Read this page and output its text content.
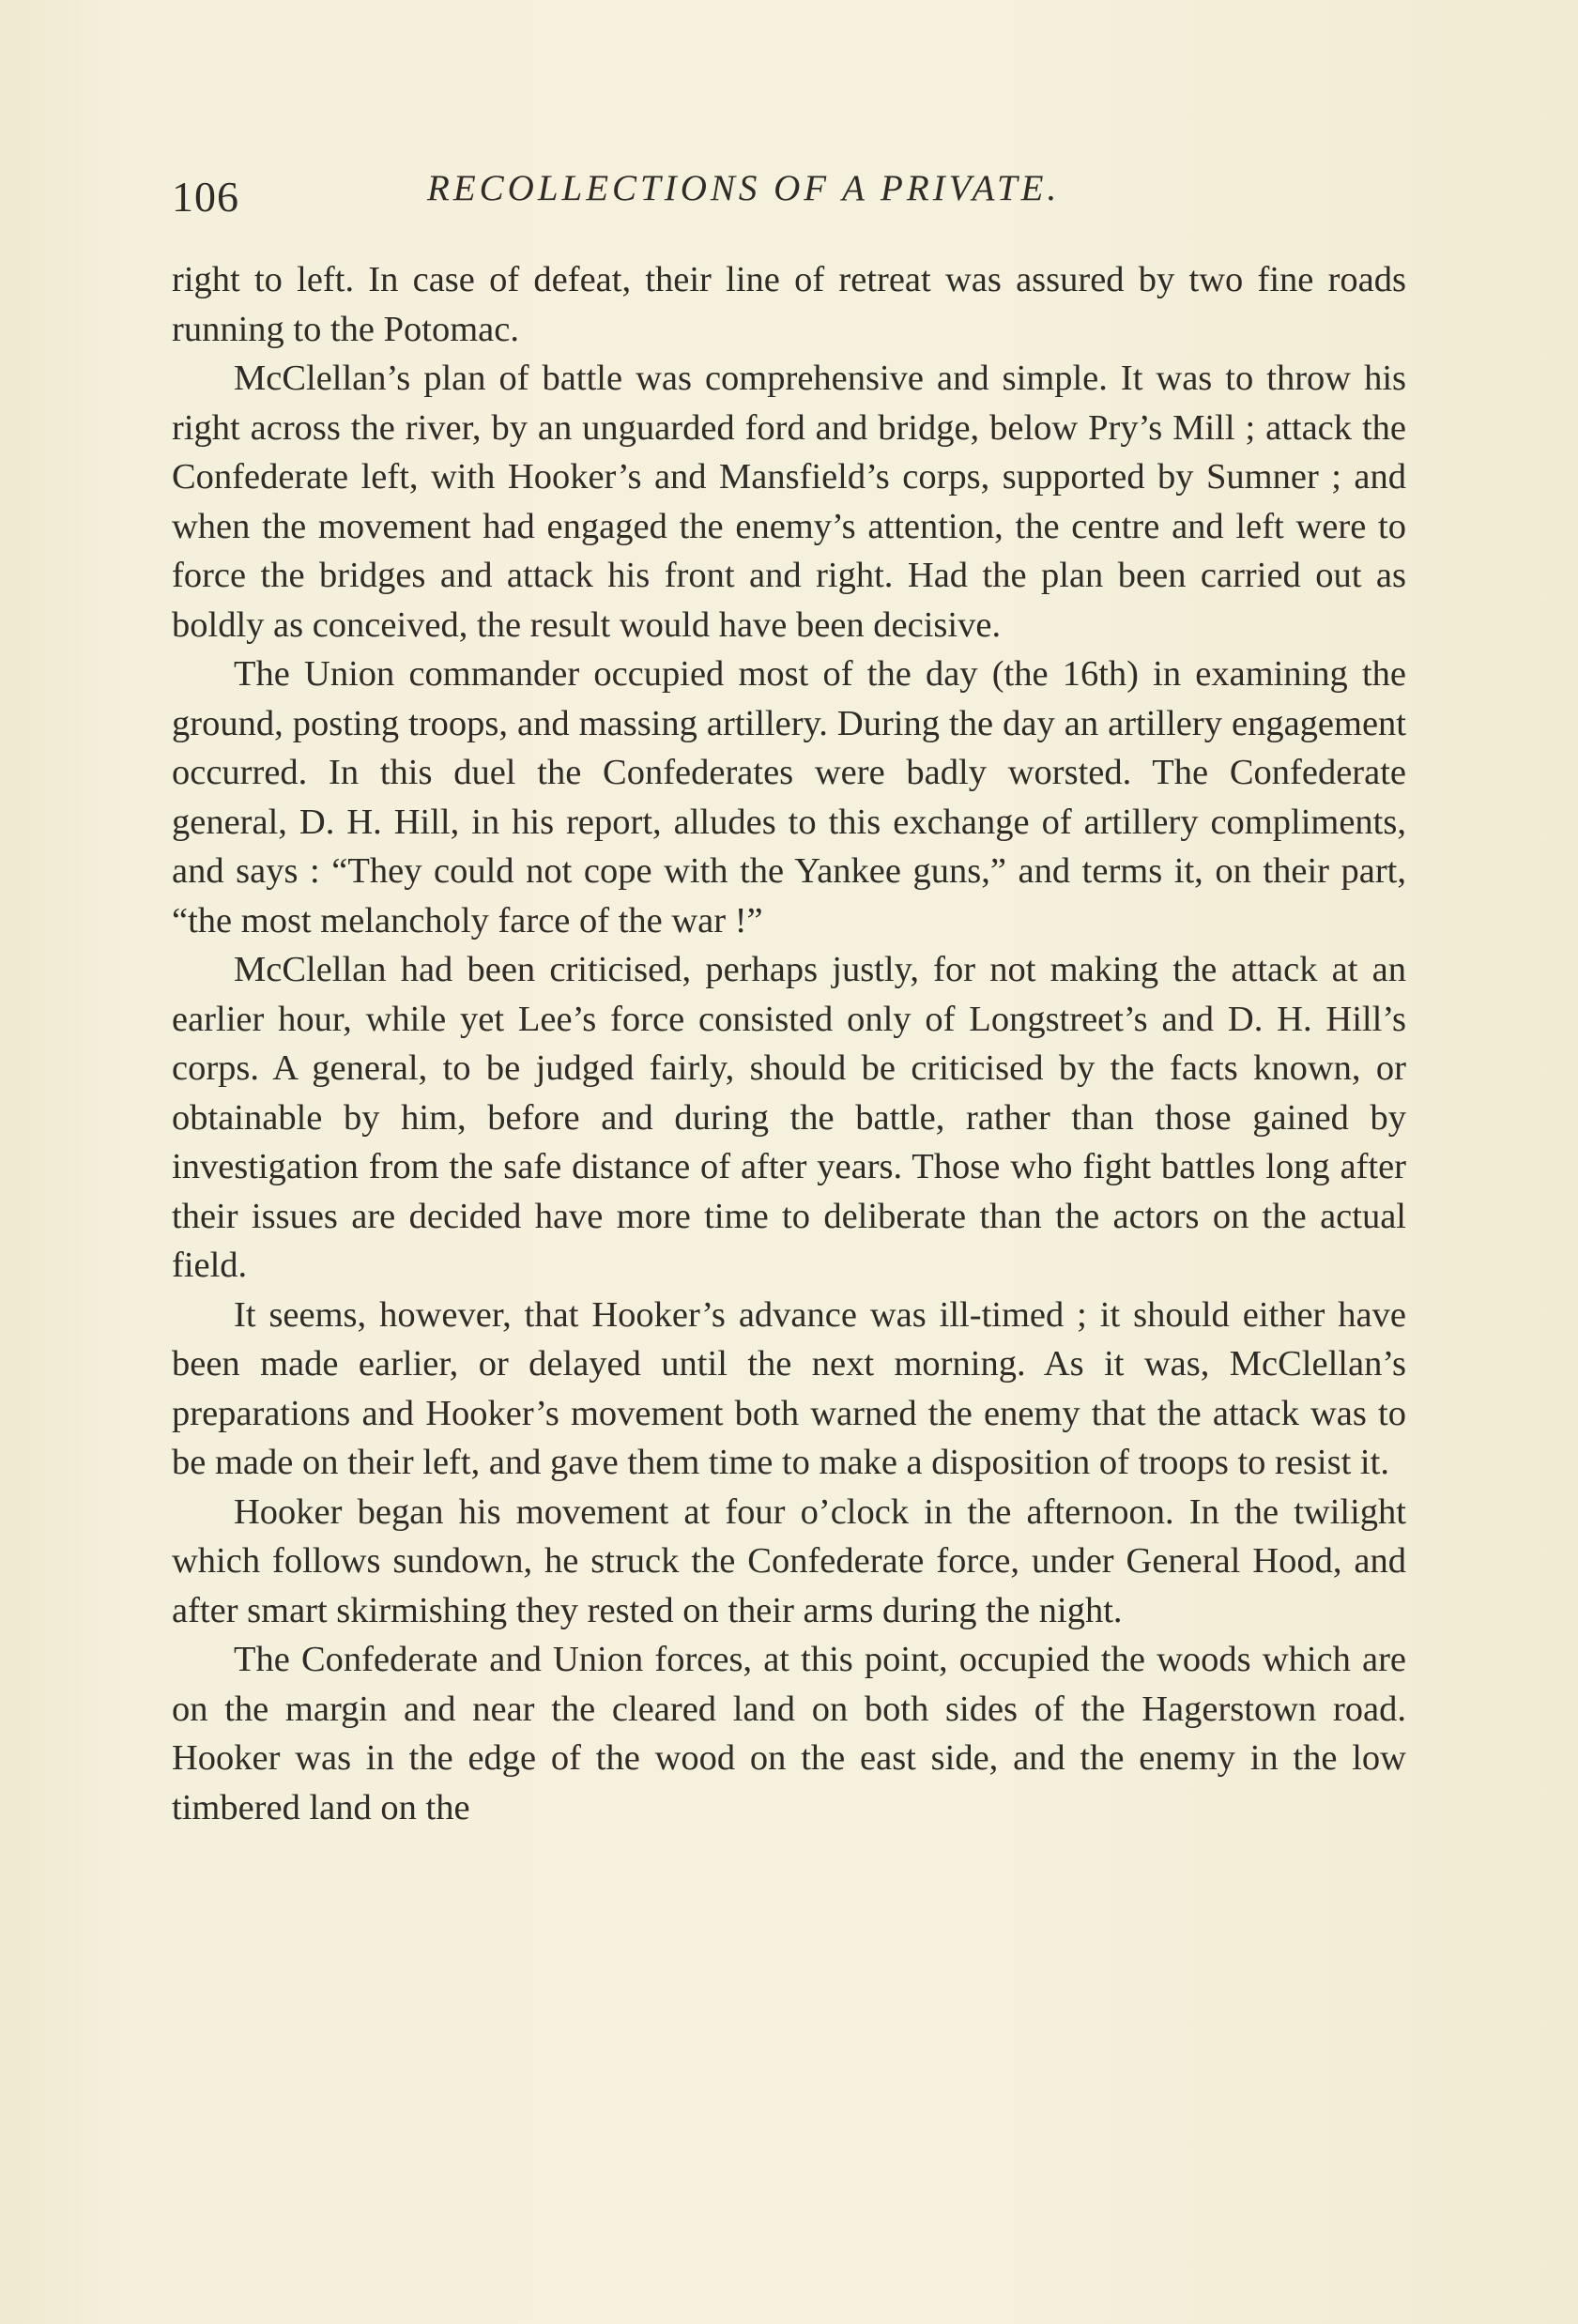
106	RECOLLECTIONS OF A PRIVATE.

right to left. In case of defeat, their line of retreat was assured by two fine roads running to the Potomac.

McClellan’s plan of battle was comprehensive and simple. It was to throw his right across the river, by an unguarded ford and bridge, below Pry’s Mill ; attack the Confederate left, with Hooker’s and Mansfield’s corps, supported by Sumner ; and when the movement had engaged the enemy’s attention, the centre and left were to force the bridges and attack his front and right. Had the plan been carried out as boldly as conceived, the result would have been decisive.

The Union commander occupied most of the day (the 16th) in examining the ground, posting troops, and massing artillery. During the day an artillery engagement occurred. In this duel the Confederates were badly worsted. The Confederate general, D. H. Hill, in his report, alludes to this exchange of artillery compliments, and says : “They could not cope with the Yankee guns,” and terms it, on their part, “the most melancholy farce of the war !”

McClellan had been criticised, perhaps justly, for not making the attack at an earlier hour, while yet Lee’s force consisted only of Longstreet’s and D. H. Hill’s corps. A general, to be judged fairly, should be criticised by the facts known, or obtainable by him, before and during the battle, rather than those gained by investigation from the safe distance of after years. Those who fight battles long after their issues are decided have more time to deliberate than the actors on the actual field.

It seems, however, that Hooker’s advance was ill-timed ; it should either have been made earlier, or delayed until the next morning. As it was, McClellan’s preparations and Hooker’s movement both warned the enemy that the attack was to be made on their left, and gave them time to make a disposition of troops to resist it.

Hooker began his movement at four o’clock in the afternoon. In the twilight which follows sundown, he struck the Confederate force, under General Hood, and after smart skirmishing they rested on their arms during the night.

The Confederate and Union forces, at this point, occupied the woods which are on the margin and near the cleared land on both sides of the Hagerstown road. Hooker was in the edge of the wood on the east side, and the enemy in the low timbered land on the
